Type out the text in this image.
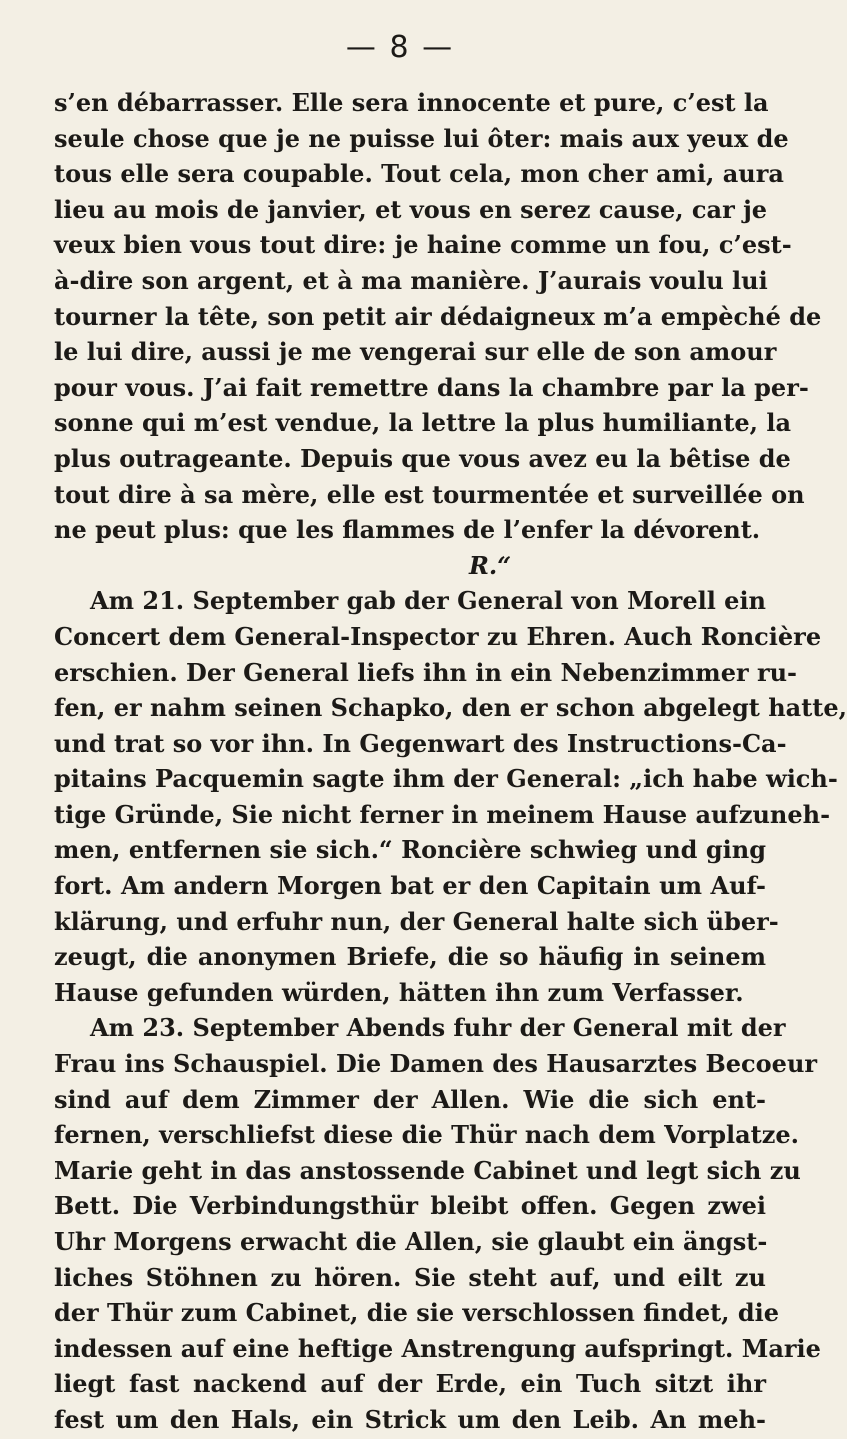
— 8 —
s’en débarrasser. Elle sera innocente et pure, c’est la
seule chose que je ne puisse lui ôter: mais aux yeux de
tous elle sera coupable. Tout cela, mon cher ami, aura
lieu au mois de janvier, et vous en serez cause, car je
veux bien vous tout dire: je haine comme un fou, c’est-
à-dire son argent, et à ma manière. J’aurais voulu lui
tourner la tête, son petit air dédaigneux m’a empèché de
le lui dire, aussi je me vengerai sur elle de son amour
pour vous. J’ai fait remettre dans la chambre par la per-
sonne qui m’est vendue, la lettre la plus humiliante, la
plus outrageante. Depuis que vous avez eu la bêtise de
tout dire à sa mère, elle est tourmentée et surveillée on
ne peut plus: que les flammes de l’enfer la dévorent.
R.“
Am 21. September gab der General von Morell ein
Concert dem General-Inspector zu Ehren. Auch Roncière
erschien. Der General liefs ihn in ein Nebenzimmer ru-
fen, er nahm seinen Schapko, den er schon abgelegt hatte,
und trat so vor ihn. In Gegenwart des Instructions-Ca-
pitains Pacquemin sagte ihm der General: „ich habe wich-
tige Gründe, Sie nicht ferner in meinem Hause aufzuneh-
men, entfernen sie sich.“ Roncière schwieg und ging
fort. Am andern Morgen bat er den Capitain um Auf-
klärung, und erfuhr nun, der General halte sich über-
zeugt, die anonymen Briefe, die so häufig in seinem
Hause gefunden würden, hätten ihn zum Verfasser.
Am 23. September Abends fuhr der General mit der
Frau ins Schauspiel. Die Damen des Hausarztes Becoeur
sind auf dem Zimmer der Allen. Wie die sich ent-
fernen, verschliefst diese die Thür nach dem Vorplatze.
Marie geht in das anstossende Cabinet und legt sich zu
Bett. Die Verbindungsthür bleibt offen. Gegen zwei
Uhr Morgens erwacht die Allen, sie glaubt ein ängst-
liches Stöhnen zu hören. Sie steht auf, und eilt zu
der Thür zum Cabinet, die sie verschlossen findet, die
indessen auf eine heftige Anstrengung aufspringt. Marie
liegt fast nackend auf der Erde, ein Tuch sitzt ihr
fest um den Hals, ein Strick um den Leib. An meh-
